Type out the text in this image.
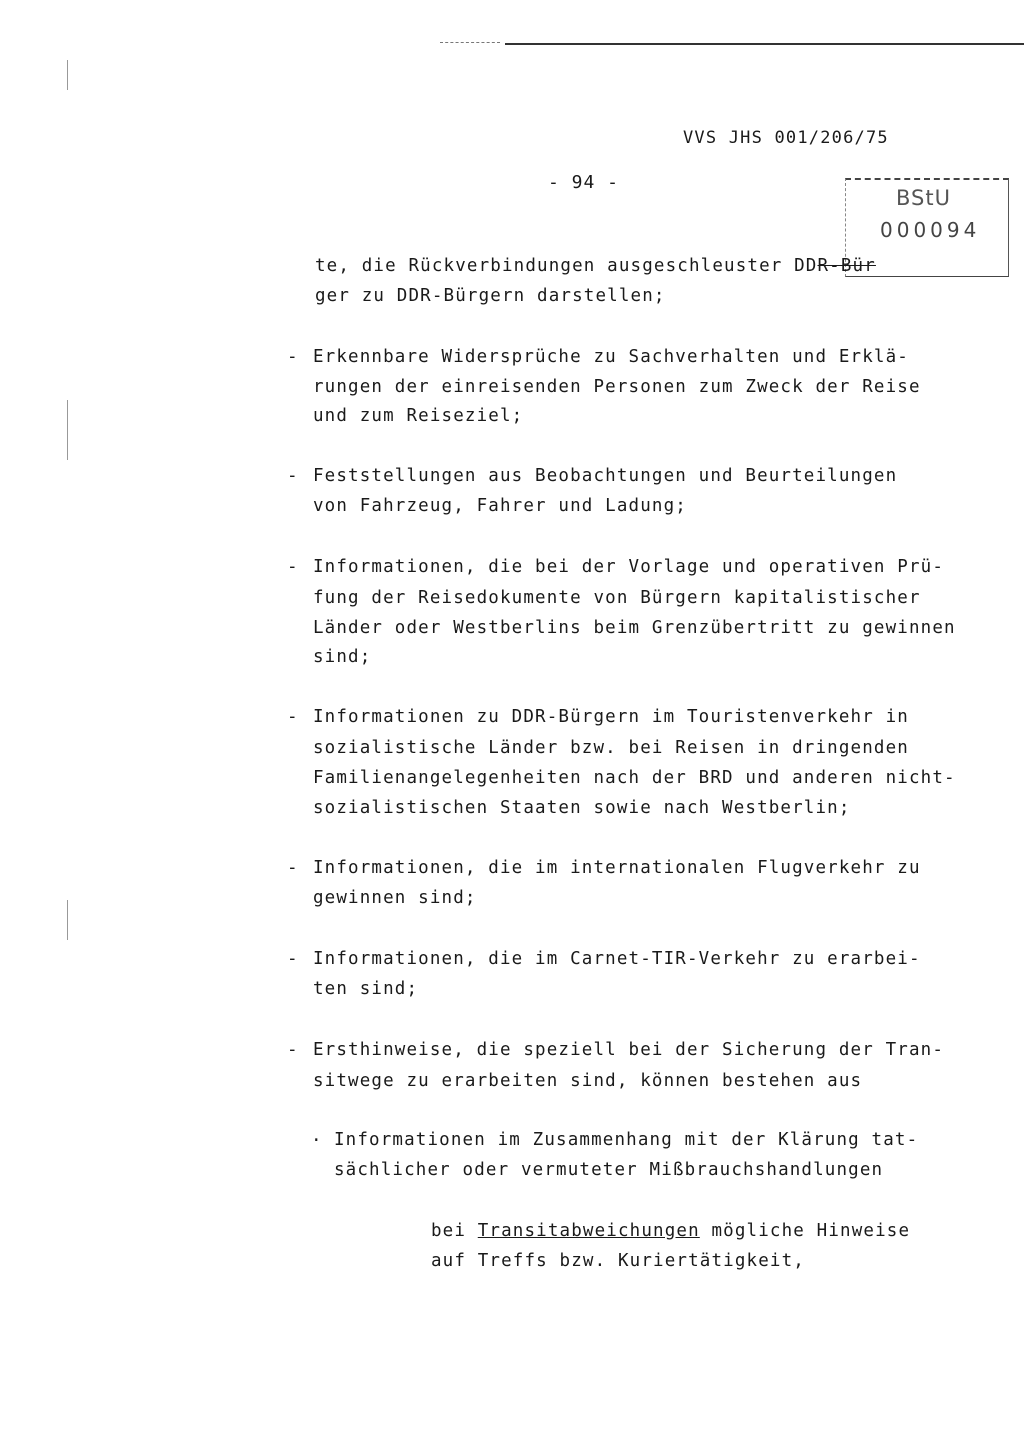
VVS JHS 001/206/75
- 94 -
BStU
000094
te, die Rückverbindungen ausgeschleuster DDR-Bür
ger zu DDR-Bürgern darstellen;
- Erkennbare Widersprüche zu Sachverhalten und Erklä-
rungen der einreisenden Personen zum Zweck der Reise
und zum Reiseziel;
- Feststellungen aus Beobachtungen und Beurteilungen
von Fahrzeug, Fahrer und Ladung;
- Informationen, die bei der Vorlage und operativen Prü-
fung der Reisedokumente von Bürgern kapitalistischer
Länder oder Westberlins beim Grenzübertritt zu gewinnen
sind;
- Informationen zu DDR-Bürgern im Touristenverkehr in
sozialistische Länder bzw. bei Reisen in dringenden
Familienangelegenheiten nach der BRD und anderen nicht-
sozialistischen Staaten sowie nach Westberlin;
- Informationen, die im internationalen Flugverkehr zu
gewinnen sind;
- Informationen, die im Carnet-TIR-Verkehr zu erarbei-
ten sind;
- Ersthinweise, die speziell bei der Sicherung der Tran-
sitwege zu erarbeiten sind, können bestehen aus
. Informationen im Zusammenhang mit der Klärung tat-
sächlicher oder vermuteter Mißbrauchshandlungen
bei Transitabweichungen mögliche Hinweise
auf Treffs bzw. Kuriertätigkeit,
